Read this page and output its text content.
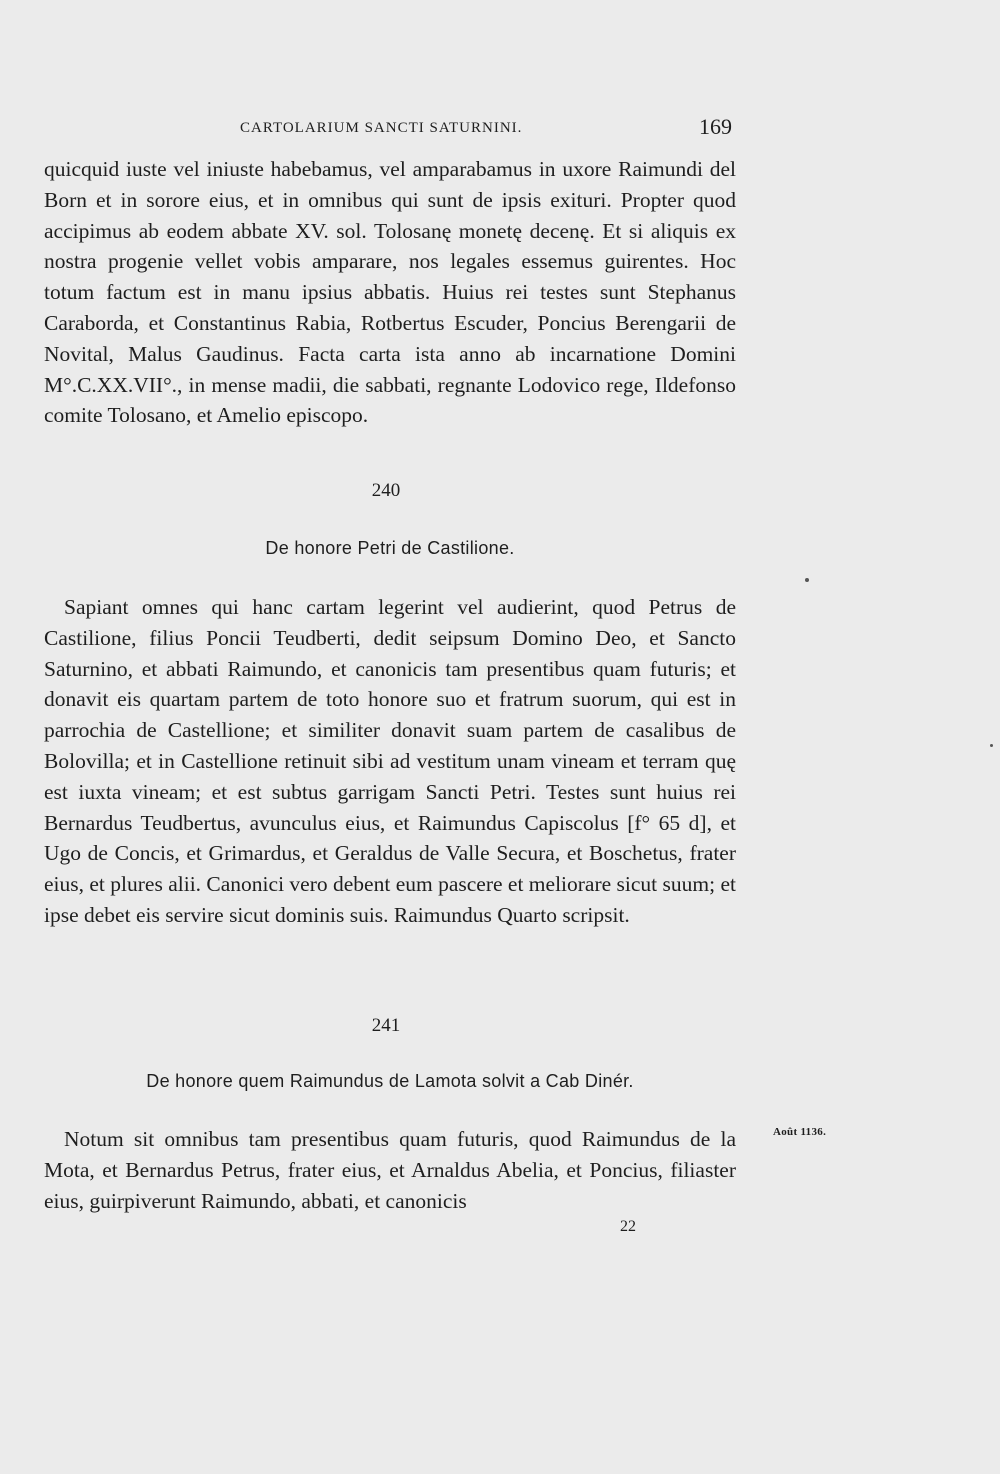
CARTOLARIUM SANCTI SATURNINI.	169

quicquid iuste vel iniuste habebamus, vel amparabamus in uxore Raimundi del Born et in sorore eius, et in omnibus qui sunt de ipsis exituri. Propter quod accipimus ab eodem abbate XV. sol. Tolosanę monetę decenę. Et si aliquis ex nostra progenie vellet vobis amparare, nos legales essemus guirentes. Hoc totum factum est in manu ipsius abbatis. Huius rei testes sunt Stephanus Caraborda, et Constantinus Rabia, Rotbertus Escuder, Poncius Berengarii de Novital, Malus Gaudinus. Facta carta ista anno ab incarnatione Domini M°.C.XX.VII°., in mense madii, die sabbati, regnante Lodovico rege, Ildefonso comite Tolosano, et Amelio episcopo.

240
De honore Petri de Castilione.

Sapiant omnes qui hanc cartam legerint vel audierint, quod Petrus de Castilione, filius Poncii Teudberti, dedit seipsum Domino Deo, et Sancto Saturnino, et abbati Raimundo, et canonicis tam presentibus quam futuris; et donavit eis quartam partem de toto honore suo et fratrum suorum, qui est in parrochia de Castellione; et similiter donavit suam partem de casalibus de Bolovilla; et in Castellione retinuit sibi ad vestitum unam vineam et terram quę est iuxta vineam; et est subtus garrigam Sancti Petri. Testes sunt huius rei Bernardus Teudbertus, avunculus eius, et Raimundus Capiscolus [f° 65 d], et Ugo de Concis, et Grimardus, et Geraldus de Valle Secura, et Boschetus, frater eius, et plures alii. Canonici vero debent eum pascere et meliorare sicut suum; et ipse debet eis servire sicut dominis suis. Raimundus Quarto scripsit.

241
De honore quem Raimundus de Lamota solvit a Cab Dinér.
Août 1136.

Notum sit omnibus tam presentibus quam futuris, quod Raimundus de la Mota, et Bernardus Petrus, frater eius, et Arnaldus Abelia, et Poncius, filiaster eius, guirpiverunt Raimundo, abbati, et canonicis

22
